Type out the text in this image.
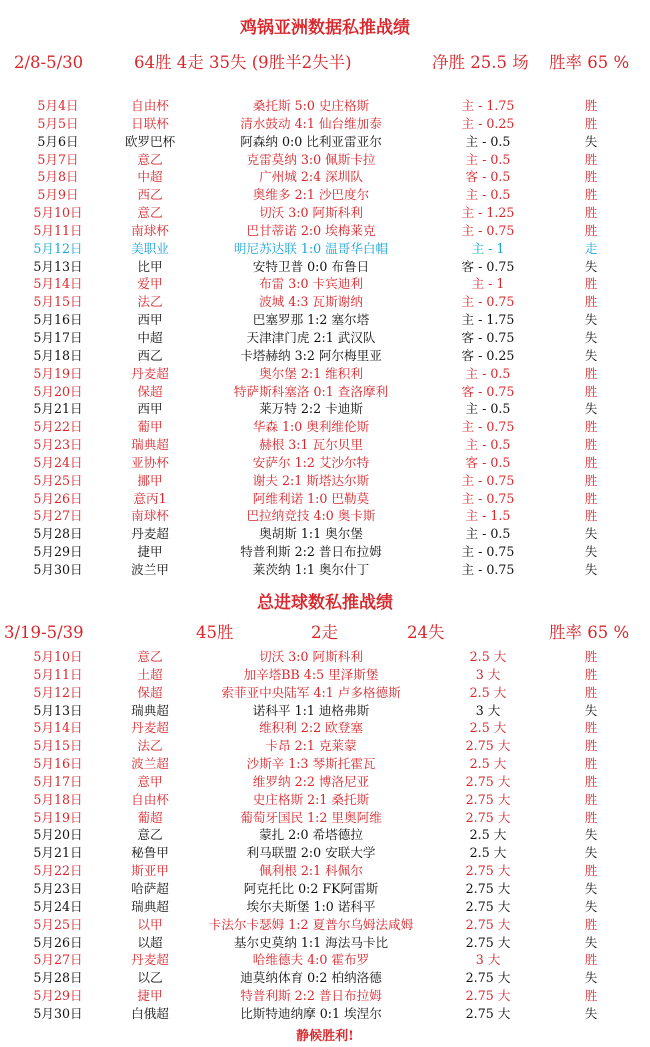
鸡锅亚洲数据私推战绩
2/8-5/30	64胜 4走 35失 (9胜半2失半)	净胜 25.5 场 胜率 65 %
5月4日	自由杯	桑托斯 5:0 史庄格斯	主 - 1.75	胜
5月5日	日联杯	清水鼓动 4:1 仙台维加泰	主 - 0.25	胜
5月6日	欧罗巴杯	阿森纳 0:0 比利亚雷亚尔	主 - 0.5	失
5月7日	意乙	克雷莫纳 3:0 佩斯卡拉	主 - 0.5	胜
5月8日	中超	广州城 2:4 深圳队	客 - 0.5	胜
5月9日	西乙	奥维多 2:1 沙巴度尔	主 - 0.5	胜
5月10日	意乙	切沃 3:0 阿斯科利	主 - 1.25	胜
5月11日	南球杯	巴甘蒂诺 2:0 埃梅莱克	主 - 0.75	胜
5月12日	美职业	明尼苏达联 1:0 温哥华白帽	主 - 1	走
5月13日	比甲	安特卫普 0:0 布鲁日	客 - 0.75	失
5月14日	爱甲	布雷 3:0 卡宾迪利	主 - 1	胜
5月15日	法乙	波城 4:3 瓦斯谢纳	主 - 0.75	胜
5月16日	西甲	巴塞罗那 1:2 塞尔塔	主 - 1.75	失
5月17日	中超	天津津门虎 2:1 武汉队	客 - 0.75	失
5月18日	西乙	卡塔赫纳 3:2 阿尔梅里亚	客 - 0.25	失
5月19日	丹麦超	奥尔堡 2:1 维积利	主 - 0.5	胜
5月20日	保超	特萨斯科塞洛 0:1 查洛摩利	客 - 0.75	胜
5月21日	西甲	莱万特 2:2 卡迪斯	主 - 0.5	失
5月22日	葡甲	华森 1:0 奥利维伦斯	主 - 0.75	胜
5月23日	瑞典超	赫根 3:1 瓦尔贝里	主 - 0.5	胜
5月24日	亚协杯	安萨尔 1:2 艾沙尔特	客 - 0.5	胜
5月25日	挪甲	谢夫 2:1 斯塔达尔斯	主 - 0.75	胜
5月26日	意丙1	阿维利诺 1:0 巴勒莫	主 - 0.75	胜
5月27日	南球杯	巴拉纳竞技 4:0 奥卡斯	主 - 1.5	胜
5月28日	丹麦超	奥胡斯 1:1 奥尔堡	主 - 0.5	失
5月29日	捷甲	特普利斯 2:2 普日布拉姆	主 - 0.75	失
5月30日	波兰甲	莱茨纳 1:1 奥尔什丁	主 - 0.75	失
总进球数私推战绩
3/19-5/39	45胜	2走	24失	胜率 65 %
5月10日	意乙	切沃 3:0 阿斯科利	2.5 大	胜
5月11日	土超	加辛塔BB 4:5 里泽斯堡	3 大	胜
5月12日	保超	索菲亚中央陆军 4:1 卢多格德斯	2.5 大	胜
5月13日	瑞典超	诺科平 1:1 迪格弗斯	3 大	失
5月14日	丹麦超	维积利 2:2 欧登塞	2.5 大	胜
5月15日	法乙	卡昂 2:1 克莱蒙	2.75 大	胜
5月16日	波兰超	沙斯辛 1:3 琴斯托霍瓦	2.5 大	胜
5月17日	意甲	维罗纳 2:2 博洛尼亚	2.75 大	胜
5月18日	自由杯	史庄格斯 2:1 桑托斯	2.75 大	胜
5月19日	葡超	葡萄牙国民 1:2 里奥阿维	2.75 大	胜
5月20日	意乙	蒙扎 2:0 希塔德拉	2.5 大	失
5月21日	秘鲁甲	利马联盟 2:0 安联大学	2.5 大	失
5月22日	斯亚甲	佩利根 2:1 科佩尔	2.75 大	胜
5月23日	哈萨超	阿克托比 0:2 FK阿雷斯	2.75 大	失
5月24日	瑞典超	埃尔夫斯堡 1:0 诺科平	2.75 大	失
5月25日	以甲	卡法尔卡瑟姆 1:2 夏普尔乌姆法咸姆	2.75 大	胜
5月26日	以超	基尔史莫纳 1:1 海法马卡比	2.75 大	失
5月27日	丹麦超	哈维德夫 4:0 霍布罗	3 大	胜
5月28日	以乙	迪莫纳体育 0:2 柏纳洛德	2.75 大	失
5月29日	捷甲	特普利斯 2:2 普日布拉姆	2.75 大	胜
5月30日	白俄超	比斯特迪纳摩 0:1 埃涅尔	2.75 大	失
静候胜利!
